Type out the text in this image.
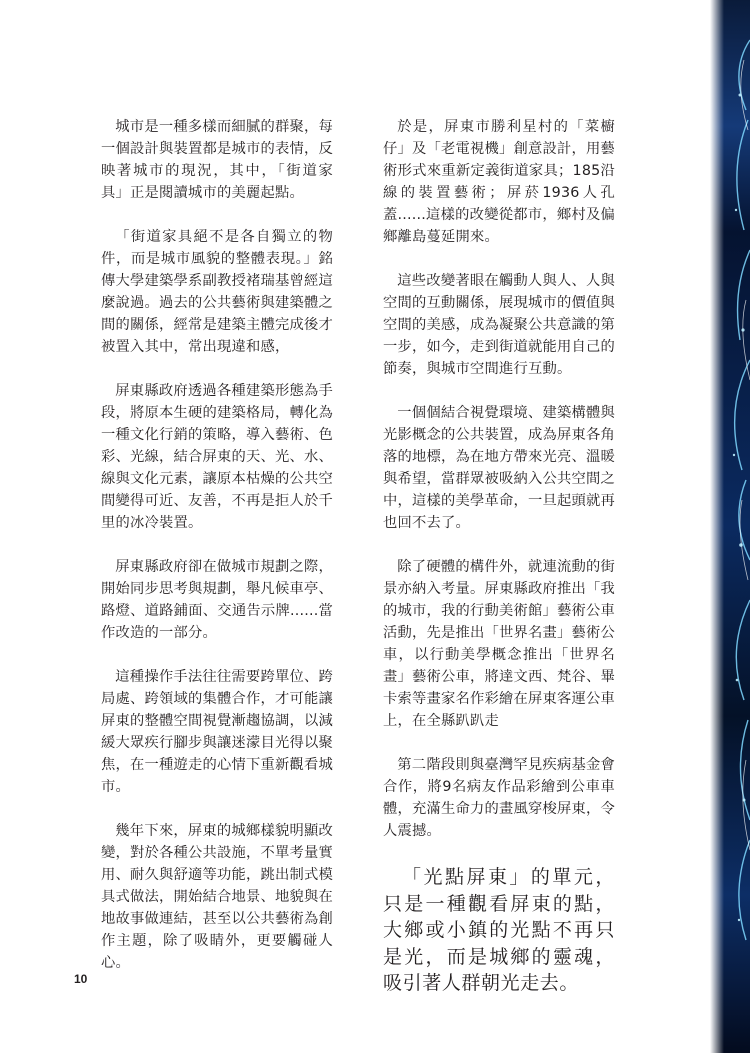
城市是一種多樣而細膩的群聚，每一個設計與裝置都是城市的表情，反映著城市的現況，其中，「街道家具」正是閱讀城市的美麗起點。

「街道家具絕不是各自獨立的物件，而是城市風貌的整體表現。」銘傳大學建築學系副教授褚瑞基曾經這麼說過。過去的公共藝術與建築體之間的關係，經常是建築主體完成後才被置入其中，常出現違和感，

屏東縣政府透過各種建築形態為手段，將原本生硬的建築格局，轉化為一種文化行銷的策略，導入藝術、色彩、光線，結合屏東的天、光、水、線與文化元素，讓原本枯燥的公共空間變得可近、友善，不再是拒人於千里的冰冷裝置。

屏東縣政府卻在做城市規劃之際，開始同步思考與規劃，舉凡候車亭、路燈、道路鋪面、交通告示牌......當作改造的一部分。

這種操作手法往往需要跨單位、跨局處、跨領域的集體合作，才可能讓屏東的整體空間視覺漸趨協調，以減緩大眾疾行腳步與讓迷濛目光得以聚焦，在一種遊走的心情下重新觀看城市。

幾年下來，屏東的城鄉樣貌明顯改變，對於各種公共設施，不單考量實用、耐久與舒適等功能，跳出制式模具式做法，開始結合地景、地貌與在地故事做連結，甚至以公共藝術為創作主題，除了吸睛外，更要觸碰人心。

於是，屏東市勝利星村的「菜櫥仔」及「老電視機」創意設計，用藝術形式來重新定義街道家具；185沿線的裝置藝術；屏菸1936人孔蓋......這樣的改變從都市，鄉村及偏鄉離島蔓延開來。

這些改變著眼在觸動人與人、人與空間的互動關係，展現城市的價值與空間的美感，成為凝聚公共意識的第一步，如今，走到街道就能用自己的節奏，與城市空間進行互動。

一個個結合視覺環境、建築構體與光影概念的公共裝置，成為屏東各角落的地標，為在地方帶來光亮、溫暖與希望，當群眾被吸納入公共空間之中，這樣的美學革命，一旦起頭就再也回不去了。

除了硬體的構件外，就連流動的街景亦納入考量。屏東縣政府推出「我的城市，我的行動美術館」藝術公車活動，先是推出「世界名畫」藝術公車，以行動美學概念推出「世界名畫」藝術公車，將達文西、梵谷、畢卡索等畫家名作彩繪在屏東客運公車上，在全縣趴趴走

第二階段則與臺灣罕見疾病基金會合作，將9名病友作品彩繪到公車車體，充滿生命力的畫風穿梭屏東，令人震撼。

「光點屏東」的單元，只是一種觀看屏東的點，大鄉或小鎮的光點不再只是光，而是城鄉的靈魂，吸引著人群朝光走去。

10
